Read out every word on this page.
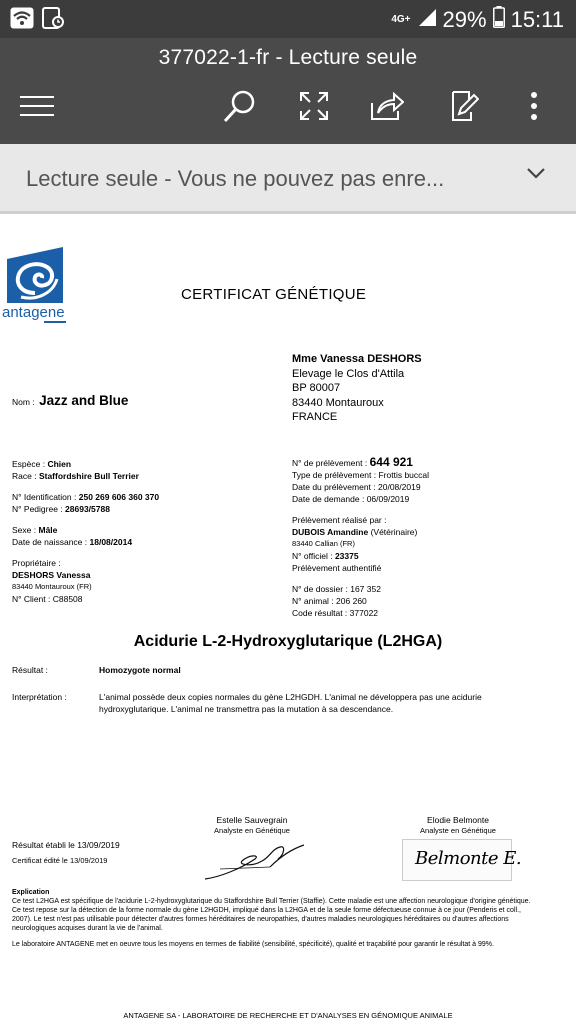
4G+ 29% 15:11
377022-1-fr - Lecture seule
Lecture seule - Vous ne pouvez pas enre...
antagene
CERTIFICAT GÉNÉTIQUE
Mme Vanessa DESHORS
Elevage le Clos d'Attila
BP 80007
83440 Montauroux
FRANCE
Nom : Jazz and Blue
Espèce : Chien
Race : Staffordshire Bull Terrier
N° Identification : 250 269 606 360 370
N° Pedigree : 28693/5788
Sexe : Mâle
Date de naissance : 18/08/2014
Propriétaire :
DESHORS Vanessa
83440 Montauroux (FR)
N° Client : C88508
N° de prélèvement : 644 921
Type de prélèvement : Frottis buccal
Date du prélèvement : 20/08/2019
Date de demande : 06/09/2019
Prélèvement réalisé par :
DUBOIS Amandine (Vétérinaire)
83440 Callian (FR)
N° officiel : 23375
Prélèvement authentifié
N° de dossier : 167 352
N° animal : 206 260
Code résultat : 377022
Acidurie L-2-Hydroxyglutarique (L2HGA)
Résultat :	Homozygote normal
Interprétation :	L'animal possède deux copies normales du gène L2HGDH. L'animal ne développera pas une acidurie
hydroxyglutarique. L'animal ne transmettra pas la mutation à sa descendance.
Estelle Sauvegrain
Analyste en Génétique
Elodie Belmonte
Analyste en Génétique
Belmonte E.
Résultat établi le 13/09/2019
Certificat édité le 13/09/2019
Explication
Ce test L2HGA est spécifique de l'acidurie L-2-hydroxyglutarique du Staffordshire Bull Terrier (Staffie). Cette maladie est une affection neurologique d'origine génétique.
Ce test repose sur la détection de la forme normale du gène L2HGDH, impliqué dans la L2HGA et de la seule forme défectueuse connue à ce jour (Penderis et coll.,
2007). Le test n'est pas utilisable pour détecter d'autres formes héréditaires de neuropathies, d'autres maladies neurologiques héréditaires ou d'autres affections
neurologiques acquises durant la vie de l'animal.
Le laboratoire ANTAGENE met en oeuvre tous les moyens en termes de fiabilité (sensibilité, spécificité), qualité et traçabilité pour garantir le résultat à 99%.
ANTAGENE SA - LABORATOIRE DE RECHERCHE ET D'ANALYSES EN GÉNOMIQUE ANIMALE
